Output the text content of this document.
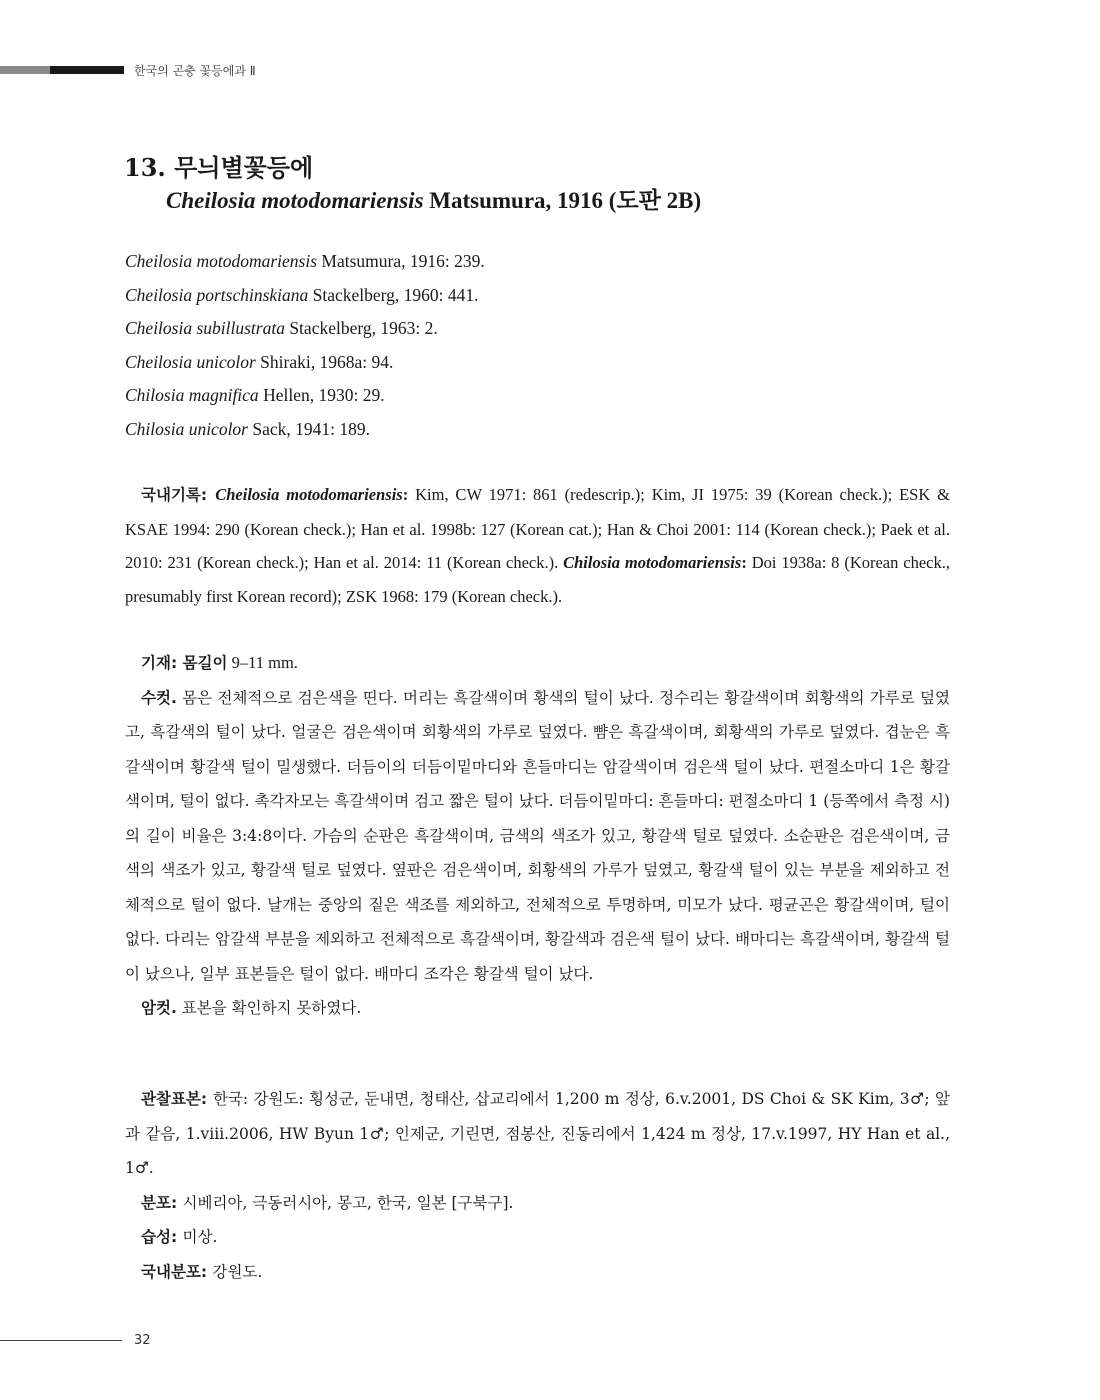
한국의 곤충 꽃등에과 Ⅱ
13. 무늬별꽃등에
Cheilosia motodomariensis Matsumura, 1916 (도판 2B)
Cheilosia motodomariensis Matsumura, 1916: 239.
Cheilosia portschinskiana Stackelberg, 1960: 441.
Cheilosia subillustrata Stackelberg, 1963: 2.
Cheilosia unicolor Shiraki, 1968a: 94.
Chilosia magnifica Hellen, 1930: 29.
Chilosia unicolor Sack, 1941: 189.
국내기록: Cheilosia motodomariensis: Kim, CW 1971: 861 (redescrip.); Kim, JI 1975: 39 (Korean check.); ESK & KSAE 1994: 290 (Korean check.); Han et al. 1998b: 127 (Korean cat.); Han & Choi 2001: 114 (Korean check.); Paek et al. 2010: 231 (Korean check.); Han et al. 2014: 11 (Korean check.). Chilosia motodomariensis: Doi 1938a: 8 (Korean check., presumably first Korean record); ZSK 1968: 179 (Korean check.).

기재: 몸길이 9–11 mm.

수컷. 몸은 전체적으로 검은색을 띤다. 머리는 흑갈색이며 황색의 털이 났다. 정수리는 황갈색이며 회황색의 가루로 덮였고, 흑갈색의 털이 났다. 얼굴은 검은색이며 회황색의 가루로 덮였다. 뺨은 흑갈색이며, 회황색의 가루로 덮였다. 겹눈은 흑갈색이며 황갈색 털이 밀생했다. 더듬이의 더듬이밑마디와 흔들마디는 암갈색이며 검은색 털이 났다. 편절소마디 1은 황갈색이며, 털이 없다. 촉각자모는 흑갈색이며 검고 짧은 털이 났다. 더듬이밑마디: 흔들마디: 편절소마디 1 (등쪽에서 측정 시)의 길이 비율은 3:4:8이다. 가슴의 순판은 흑갈색이며, 금색의 색조가 있고, 황갈색 털로 덮였다. 소순판은 검은색이며, 금색의 색조가 있고, 황갈색 털로 덮였다. 옆판은 검은색이며, 회황색의 가루가 덮였고, 황갈색 털이 있는 부분을 제외하고 전체적으로 털이 없다. 날개는 중앙의 짙은 색조를 제외하고, 전체적으로 투명하며, 미모가 났다. 평균곤은 황갈색이며, 털이 없다. 다리는 암갈색 부분을 제외하고 전체적으로 흑갈색이며, 황갈색과 검은색 털이 났다. 배마디는 흑갈색이며, 황갈색 털이 났으나, 일부 표본들은 털이 없다. 배마디 조각은 황갈색 털이 났다.

암컷. 표본을 확인하지 못하였다.

관찰표본: 한국: 강원도: 횡성군, 둔내면, 청태산, 삽교리에서 1,200 m 정상, 6.v.2001, DS Choi & SK Kim, 3♂; 앞과 같음, 1.viii.2006, HW Byun 1♂; 인제군, 기린면, 점봉산, 진동리에서 1,424 m 정상, 17.v.1997, HY Han et al., 1♂.

분포: 시베리아, 극동러시아, 몽고, 한국, 일본 [구북구].

습성: 미상.

국내분포: 강원도.

32
